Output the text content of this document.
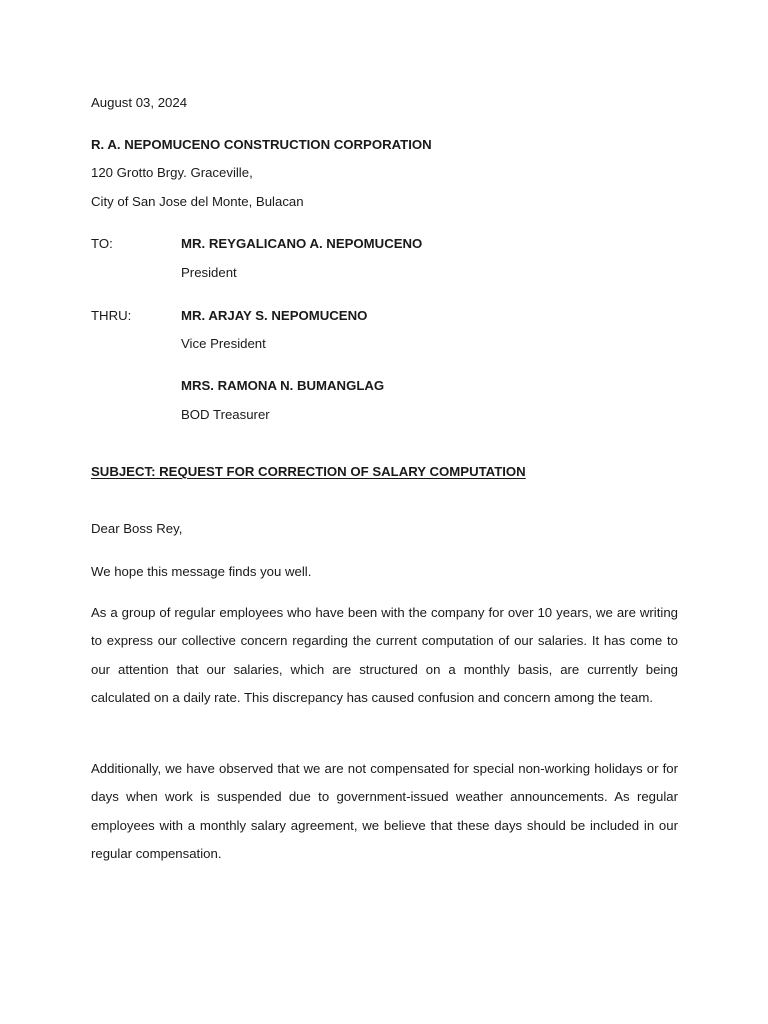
August 03, 2024
R. A. NEPOMUCENO CONSTRUCTION CORPORATION
120 Grotto Brgy. Graceville,
City of San Jose del Monte, Bulacan
TO:	MR. REYGALICANO A. NEPOMUCENO
President
THRU:	MR. ARJAY S. NEPOMUCENO
Vice President
MRS. RAMONA N. BUMANGLAG
BOD Treasurer
SUBJECT: REQUEST FOR CORRECTION OF SALARY COMPUTATION
Dear Boss Rey,
We hope this message finds you well.

As a group of regular employees who have been with the company for over 10 years, we are writing to express our collective concern regarding the current computation of our salaries. It has come to our attention that our salaries, which are structured on a monthly basis, are currently being calculated on a daily rate. This discrepancy has caused confusion and concern among the team.

Additionally, we have observed that we are not compensated for special non-working holidays or for days when work is suspended due to government-issued weather announcements. As regular employees with a monthly salary agreement, we believe that these days should be included in our regular compensation.
